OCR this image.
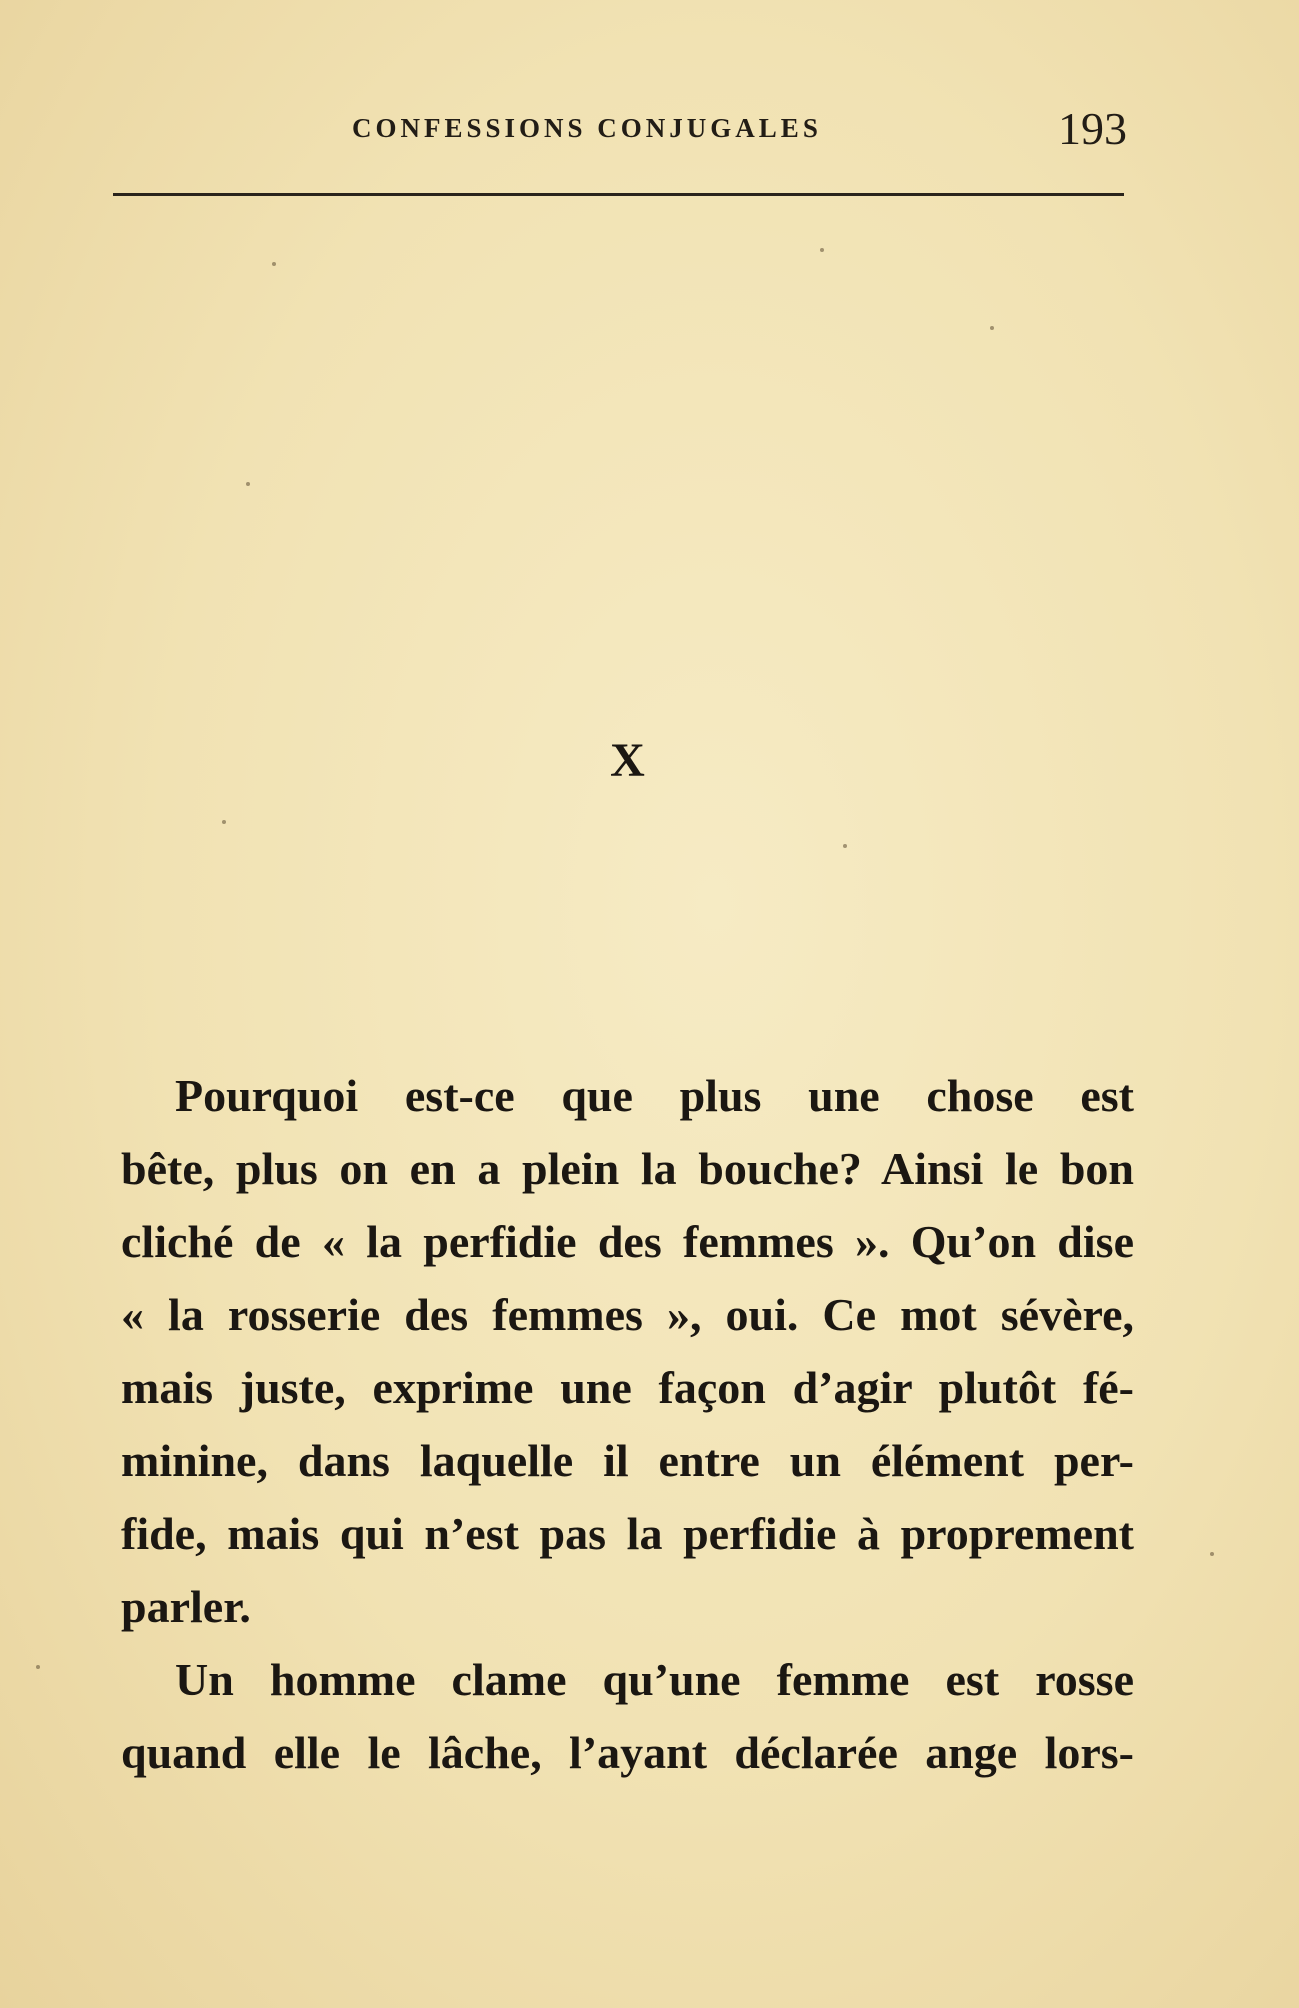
CONFESSIONS CONJUGALES	193
X
Pourquoi est-ce que plus une chose est
bête, plus on en a plein la bouche? Ainsi le bon
cliché de « la perfidie des femmes ». Qu’on dise
« la rosserie des femmes », oui. Ce mot sévère,
mais juste, exprime une façon d’agir plutôt fé-
minine, dans laquelle il entre un élément per-
fide, mais qui n’est pas la perfidie à proprement
parler.
Un homme clame qu’une femme est rosse
quand elle le lâche, l’ayant déclarée ange lors-
